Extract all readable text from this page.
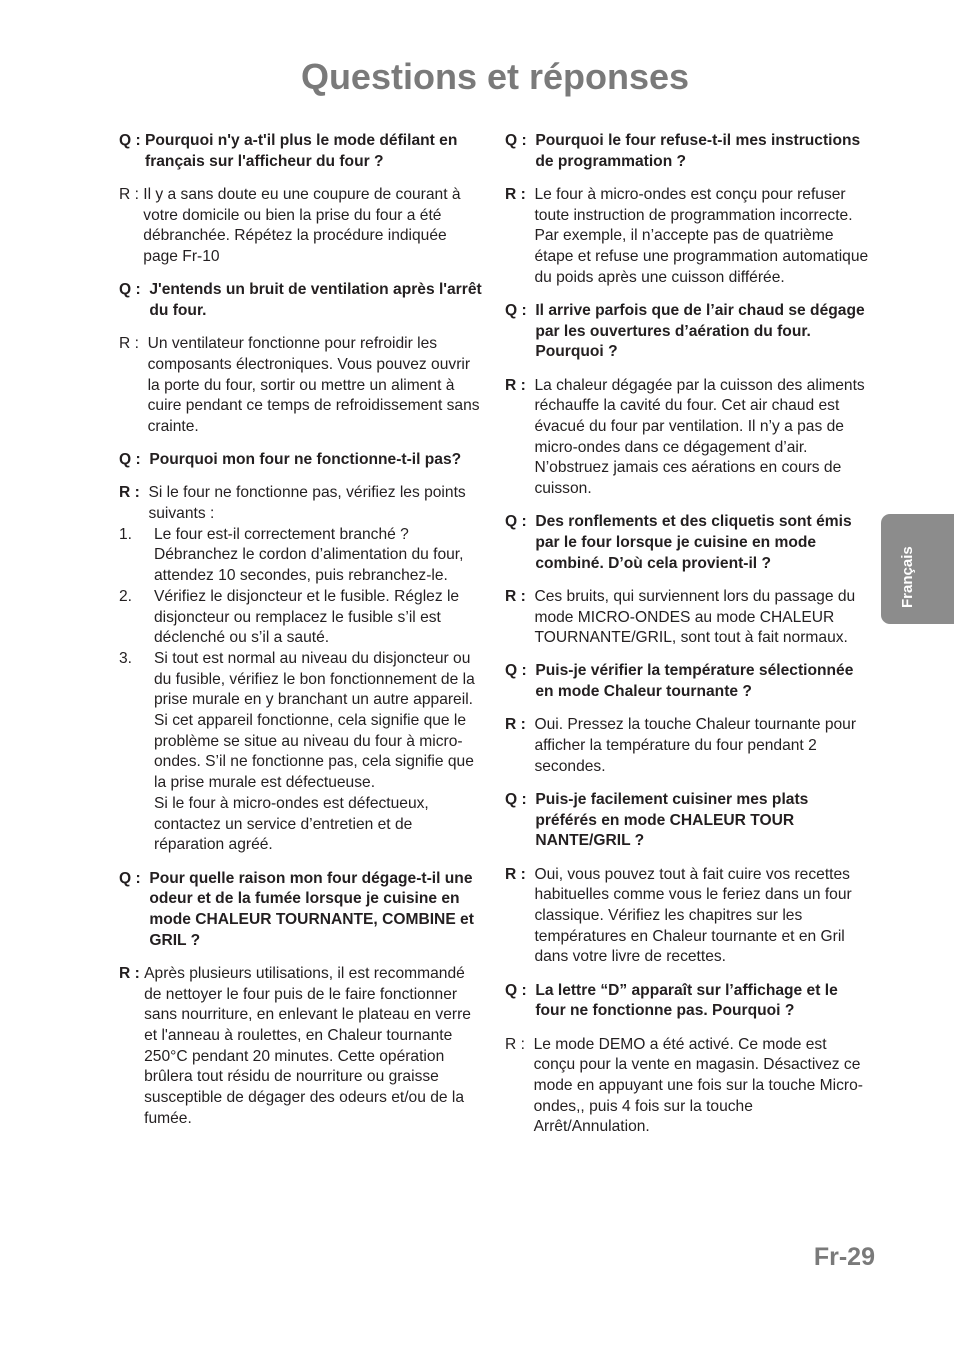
Questions et réponses
Q : Pourquoi n'y a-t'il plus le mode défilant en français sur l'afficheur du four ?
R : Il y a sans doute eu une coupure de courant à votre domicile ou bien la prise du four a été débranchée. Répétez la procédure indiquée page Fr-10
Q : J'entends un bruit de ventilation après l'arrêt du four.
R : Un ventilateur fonctionne pour refroidir les composants électroniques. Vous pouvez ouvrir la porte du four, sortir ou mettre un aliment à cuire pendant ce temps de refroidissement sans crainte.
Q : Pourquoi mon four ne fonctionne-t-il pas?
R : Si le four ne fonctionne pas, vérifiez les points suivants :
1.	Le four est-il correctement branché ? Débranchez le cordon d’alimentation du four, attendez 10 secondes, puis rebranchez-le.
2.	Vérifiez le disjoncteur et le fusible. Réglez le disjoncteur ou remplacez le fusible s’il est déclenché ou s’il a sauté.
3.	Si tout est normal au niveau du disjoncteur ou du fusible, vérifiez le bon fonctionnement de la prise murale en y branchant un autre appareil. Si cet appareil fonctionne, cela signifie que le problème se situe au niveau du four à micro-ondes. S’il ne fonctionne pas, cela signifie que la prise murale est défectueuse.
Si le four à micro-ondes est défectueux, contactez un service d’entretien et de réparation agréé.
Q : Pour quelle raison mon four dégage-t-il une odeur et de la fumée lorsque je cuisine en mode CHALEUR TOURNANTE, COMBINE et GRIL ?
R : Après plusieurs utilisations, il est recommandé de nettoyer le four puis de le faire fonctionner sans nourriture, en enlevant le plateau en verre et l'anneau à roulettes, en Chaleur tournante 250°C pendant 20 minutes. Cette opération brûlera tout résidu de nourriture ou graisse susceptible de dégager des odeurs et/ou de la fumée.
Q : Pourquoi le four refuse-t-il mes instructions de programmation ?
R : Le four à micro-ondes est conçu pour refuser toute instruction de programmation incorrecte. Par exemple, il n’accepte pas de quatrième étape et refuse une programmation automatique du poids après une cuisson différée.
Q : Il arrive parfois que de l’air chaud se dégage par les ouvertures d’aération du four. Pourquoi ?
R : La chaleur dégagée par la cuisson des aliments réchauffe la cavité du four. Cet air chaud est évacué du four par ventilation. Il n’y a pas de micro-ondes dans ce dégagement d’air. N’obstruez jamais ces aérations en cours de cuisson.
Q : Des ronflements et des cliquetis sont émis par le four lorsque je cuisine en mode combiné. D’où cela provient-il ?
R : Ces bruits, qui surviennent lors du passage du mode MICRO-ONDES au mode CHALEUR TOURNANTE/GRIL, sont tout à fait normaux.
Q : Puis-je vérifier la température sélectionnée en mode Chaleur tournante ?
R : Oui. Pressez la touche Chaleur tournante pour afficher la température du four pendant 2 secondes.
Q : Puis-je facilement cuisiner mes plats préférés en mode CHALEUR TOUR NANTE/GRIL ?
R : Oui, vous pouvez tout à fait cuire vos recettes habituelles comme vous le feriez dans un four classique. Vérifiez les chapitres sur les températures en Chaleur tournante et en Gril dans votre livre de recettes.
Q : La lettre “D” apparaît sur l’affichage et le four ne fonctionne pas. Pourquoi ?
R : Le mode DEMO a été activé. Ce mode est conçu pour la vente en magasin. Désactivez ce mode en appuyant une fois sur la touche Micro-ondes,, puis 4 fois sur la touche Arrêt/Annulation.
Français
Fr-29
